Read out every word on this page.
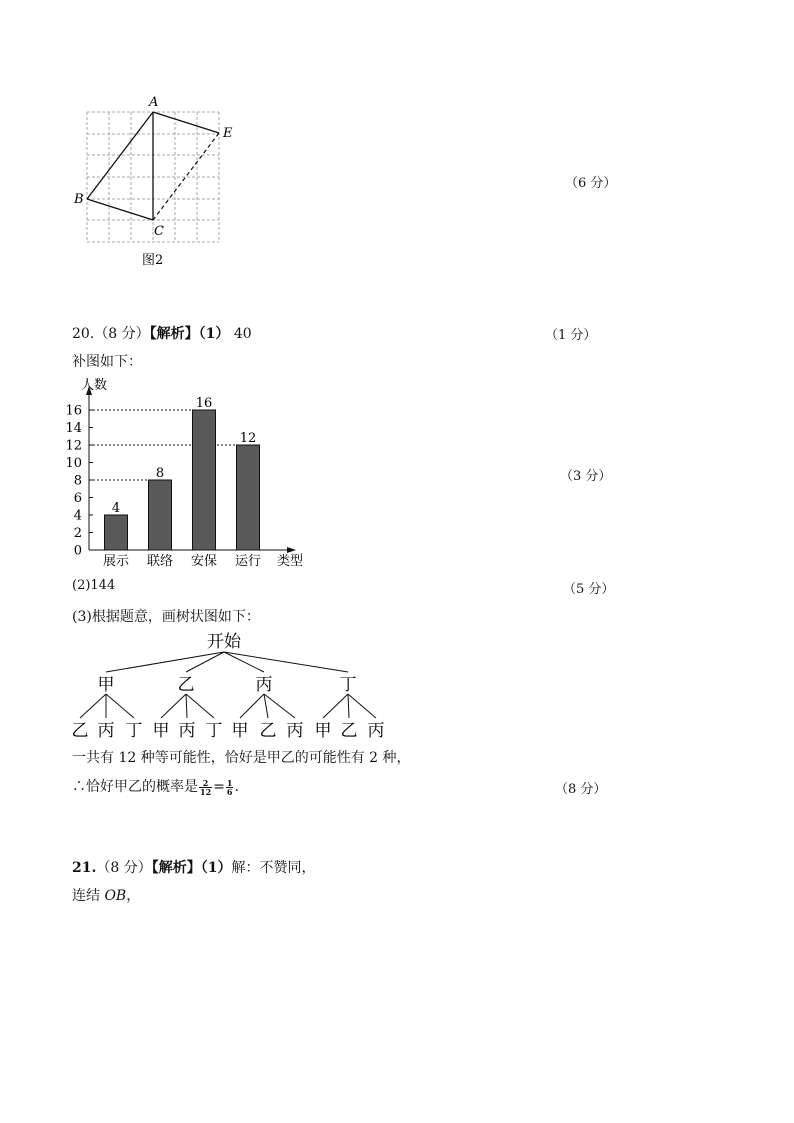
A
B
C
E
图2
（6 分）
20.（8 分）【解析】（1） 40	（1 分）
补图如下：
0
2
4
6
8
10
12
14
16
展示 联络 安保 运行
4
8
16
12
人数
类型
（3 分）
(2)144	（5 分）
(3)根据题意，画树状图如下：
开始
甲	乙	丙	丁
乙 丙 丁 甲 丙 丁 甲 乙 丙 甲 乙 丙
一共有 12 种等可能性，恰好是甲乙的可能性有 2 种，
∴恰好甲乙的概率是 $\frac{2}{12} = \frac{1}{6}$ .	（8 分）
21.（8 分）【解析】（1）解：不赞同，
连结 OB，
